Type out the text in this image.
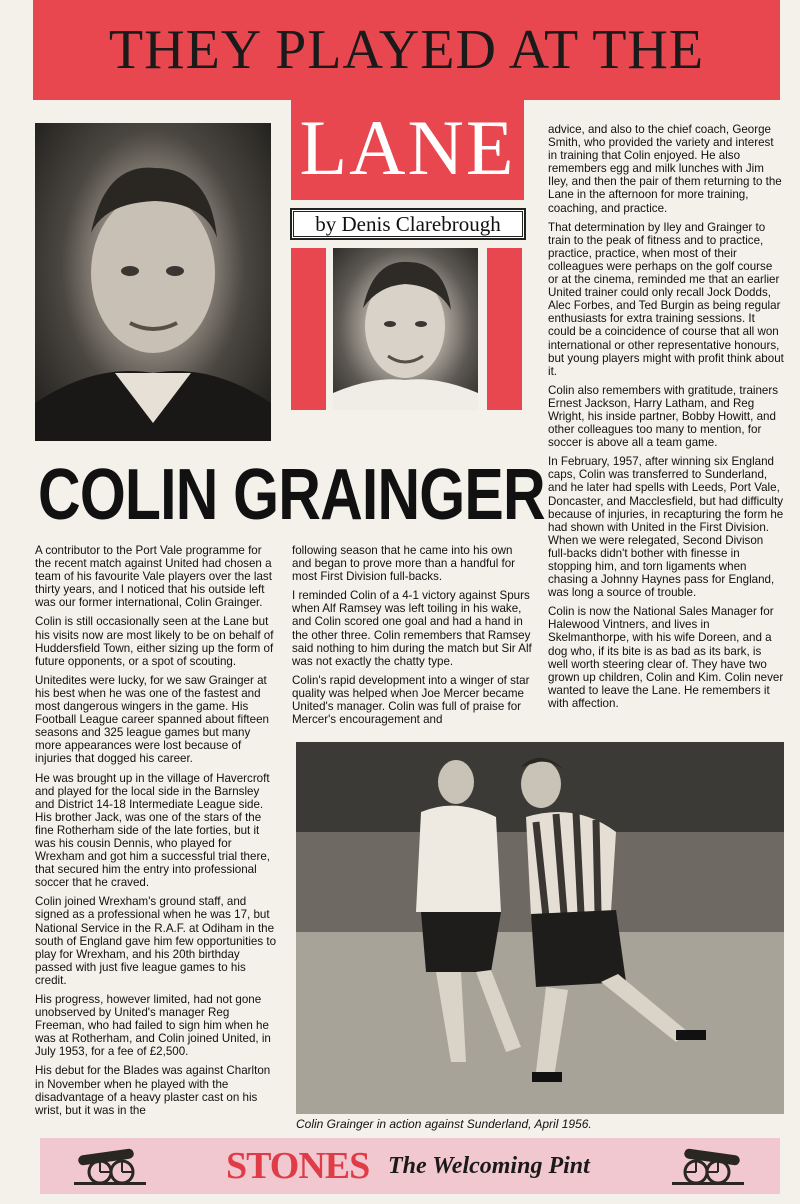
THEY PLAYED AT THE
LANE
by Denis Clarebrough
COLIN GRAINGER

A contributor to the Port Vale programme for the recent match against United had chosen a team of his favourite Vale players over the last thirty years, and I noticed that his outside left was our former international, Colin Grainger.

Colin is still occasionally seen at the Lane but his visits now are most likely to be on behalf of Huddersfield Town, either sizing up the form of future opponents, or a spot of scouting.

Unitedites were lucky, for we saw Grainger at his best when he was one of the fastest and most dangerous wingers in the game. His Football League career spanned about fifteen seasons and 325 league games but many more appearances were lost because of injuries that dogged his career.

He was brought up in the village of Havercroft and played for the local side in the Barnsley and District 14-18 Intermediate League side. His brother Jack, was one of the stars of the fine Rotherham side of the late forties, but it was his cousin Dennis, who played for Wrexham and got him a successful trial there, that secured him the entry into professional soccer that he craved.

Colin joined Wrexham's ground staff, and signed as a professional when he was 17, but National Service in the R.A.F. at Odiham in the south of England gave him few opportunities to play for Wrexham, and his 20th birthday passed with just five league games to his credit.

His progress, however limited, had not gone unobserved by United's manager Reg Freeman, who had failed to sign him when he was at Rotherham, and Colin joined United, in July 1953, for a fee of £2,500.

His debut for the Blades was against Charlton in November when he played with the disadvantage of a heavy plaster cast on his wrist, but it was in the

following season that he came into his own and began to prove more than a handful for most First Division full-backs.

I reminded Colin of a 4-1 victory against Spurs when Alf Ramsey was left toiling in his wake, and Colin scored one goal and had a hand in the other three. Colin remembers that Ramsey said nothing to him during the match but Sir Alf was not exactly the chatty type.

Colin's rapid development into a winger of star quality was helped when Joe Mercer became United's manager. Colin was full of praise for Mercer's encouragement and

advice, and also to the chief coach, George Smith, who provided the variety and interest in training that Colin enjoyed. He also remembers egg and milk lunches with Jim Iley, and then the pair of them returning to the Lane in the afternoon for more training, coaching, and practice.

That determination by Iley and Grainger to train to the peak of fitness and to practice, practice, practice, when most of their colleagues were perhaps on the golf course or at the cinema, reminded me that an earlier United trainer could only recall Jock Dodds, Alec Forbes, and Ted Burgin as being regular enthusiasts for extra training sessions. It could be a coincidence of course that all won international or other representative honours, but young players might with profit think about it.

Colin also remembers with gratitude, trainers Ernest Jackson, Harry Latham, and Reg Wright, his inside partner, Bobby Howitt, and other colleagues too many to mention, for soccer is above all a team game.

In February, 1957, after winning six England caps, Colin was transferred to Sunderland, and he later had spells with Leeds, Port Vale, Doncaster, and Macclesfield, but had difficulty because of injuries, in recapturing the form he had shown with United in the First Division. When we were relegated, Second Divison full-backs didn't bother with finesse in stopping him, and torn ligaments when chasing a Johnny Haynes pass for England, was long a source of trouble.

Colin is now the National Sales Manager for Halewood Vintners, and lives in Skelmanthorpe, with his wife Doreen, and a dog who, if its bite is as bad as its bark, is well worth steering clear of. They have two grown up children, Colin and Kim. Colin never wanted to leave the Lane. He remembers it with affection.

Colin Grainger in action against Sunderland, April 1956.
STONES The Welcoming Pint
